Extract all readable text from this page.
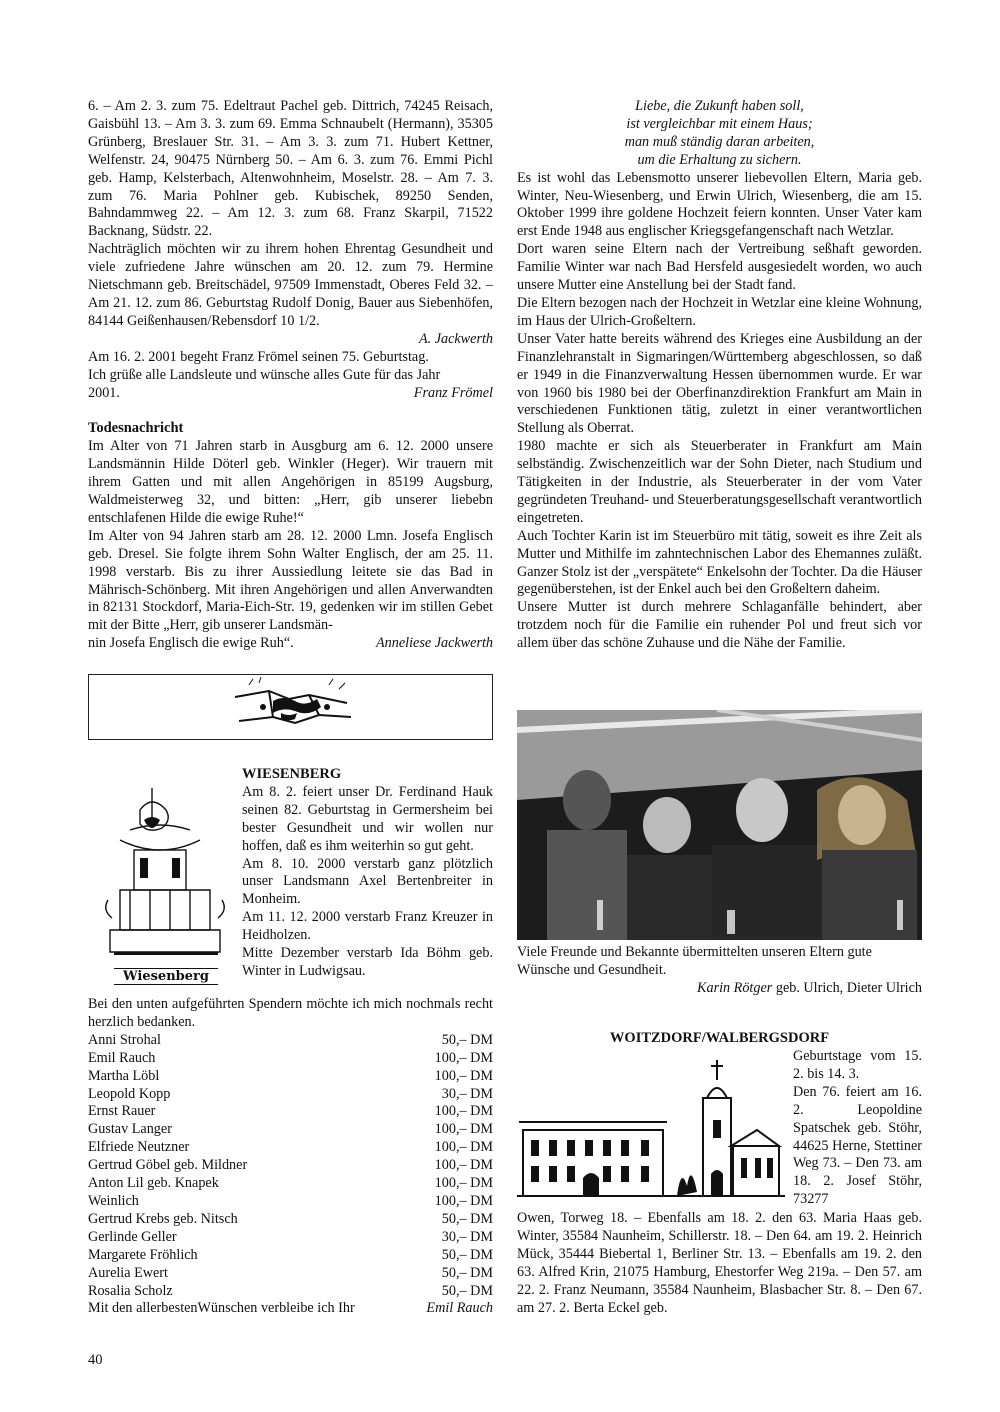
6. – Am 2. 3. zum 75. Edeltraut Pachel geb. Dittrich, 74245 Reisach, Gaisbühl 13. – Am 3. 3. zum 69. Emma Schnaubelt (Hermann), 35305 Grünberg, Breslauer Str. 31. – Am 3. 3. zum 71. Hubert Kettner, Welfenstr. 24, 90475 Nürnberg 50. – Am 6. 3. zum 76. Emmi Pichl geb. Hamp, Kelsterbach, Altenwohnheim, Moselstr. 28. – Am 7. 3. zum 76. Maria Pohlner geb. Kubischek, 89250 Senden, Bahndammweg 22. – Am 12. 3. zum 68. Franz Skarpil, 71522 Backnang, Südstr. 22.

Nachträglich möchten wir zu ihrem hohen Ehrentag Gesundheit und viele zufriedene Jahre wünschen am 20. 12. zum 79. Hermine Nietschmann geb. Breitschädel, 97509 Immenstadt, Oberes Feld 32. – Am 21. 12. zum 86. Geburtstag Rudolf Donig, Bauer aus Siebenhöfen, 84144 Geißenhausen/Rebensdorf 10 1/2.

A. Jackwerth

Am 16. 2. 2001 begeht Franz Frömel seinen 75. Geburtstag.

Ich grüße alle Landsleute und wünsche alles Gute für das Jahr

2001.	Franz Frömel
Todesnachricht

Im Alter von 71 Jahren starb in Ausgburg am 6. 12. 2000 unsere Landsmännin Hilde Döterl geb. Winkler (Heger). Wir trauern mit ihrem Gatten und mit allen Angehörigen in 85199 Augsburg, Waldmeisterweg 32, und bitten: „Herr, gib unserer liebebn entschlafenen Hilde die ewige Ruhe!“

Im Alter von 94 Jahren starb am 28. 12. 2000 Lmn. Josefa Englisch geb. Dresel. Sie folgte ihrem Sohn Walter Englisch, der am 25. 11. 1998 verstarb. Bis zu ihrer Aussiedlung leitete sie das Bad in Mährisch-Schönberg. Mit ihren Angehörigen und allen Anverwandten in 82131 Stockdorf, Maria-Eich-Str. 19, gedenken wir im stillen Gebet mit der Bitte „Herr, gib unserer Landsmän-

nin Josefa Englisch die ewige Ruh“.	Anneliese Jackwerth
Wiesenberg
WIESENBERG

Am 8. 2. feiert unser Dr. Ferdinand Hauk seinen 82. Geburtstag in Germersheim bei bester Gesundheit und wir wollen nur hoffen, daß es ihm weiterhin so gut geht.

Am 8. 10. 2000 verstarb ganz plötzlich unser Landsmann Axel Bertenbreiter in Monheim.

Am 11. 12. 2000 verstarb Franz Kreuzer in Heidholzen.

Mitte Dezember verstarb Ida Böhm geb. Winter in Ludwigsau.

Bei den unten aufgeführten Spendern möchte ich mich nochmals recht herzlich bedanken.

Anni Strohal	50,– DM
Emil Rauch	100,– DM
Martha Löbl	100,– DM
Leopold Kopp	30,– DM
Ernst Rauer	100,– DM
Gustav Langer	100,– DM
Elfriede Neutzner	100,– DM
Gertrud Göbel geb. Mildner	100,– DM
Anton Lil geb. Knapek	100,– DM
Weinlich	100,– DM
Gertrud Krebs geb. Nitsch	50,– DM
Gerlinde Geller	30,– DM
Margarete Fröhlich	50,– DM
Aurelia Ewert	50,– DM
Rosalia Scholz	50,– DM
Mit den allerbestenWünschen verbleibe ich Ihr	Emil Rauch
40
Liebe, die Zukunft haben soll,
ist vergleichbar mit einem Haus;
man muß ständig daran arbeiten,
um die Erhaltung zu sichern.

Es ist wohl das Lebensmotto unserer liebevollen Eltern, Maria geb. Winter, Neu-Wiesenberg, und Erwin Ulrich, Wiesenberg, die am 15. Oktober 1999 ihre goldene Hochzeit feiern konnten. Unser Vater kam erst Ende 1948 aus englischer Kriegsgefangenschaft nach Wetzlar.

Dort waren seine Eltern nach der Vertreibung seßhaft geworden. Familie Winter war nach Bad Hersfeld ausgesiedelt worden, wo auch unsere Mutter eine Anstellung bei der Stadt fand.

Die Eltern bezogen nach der Hochzeit in Wetzlar eine kleine Wohnung, im Haus der Ulrich-Großeltern.

Unser Vater hatte bereits während des Krieges eine Ausbildung an der Finanzlehranstalt in Sigmaringen/Württemberg abgeschlossen, so daß er 1949 in die Finanzverwaltung Hessen übernommen wurde. Er war von 1960 bis 1980 bei der Oberfinanzdirektion Frankfurt am Main in verschiedenen Funktionen tätig, zuletzt in einer verantwortlichen Stellung als Oberrat.

1980 machte er sich als Steuerberater in Frankfurt am Main selbständig. Zwischenzeitlich war der Sohn Dieter, nach Studium und Tätigkeiten in der Industrie, als Steuerberater in der vom Vater gegründeten Treuhand- und Steuerberatungsgesellschaft verantwortlich eingetreten.

Auch Tochter Karin ist im Steuerbüro mit tätig, soweit es ihre Zeit als Mutter und Mithilfe im zahntechnischen Labor des Ehemannes zuläßt. Ganzer Stolz ist der „verspätete“ Enkelsohn der Tochter. Da die Häuser gegenüberstehen, ist der Enkel auch bei den Großeltern daheim.

Unsere Mutter ist durch mehrere Schlaganfälle behindert, aber trotzdem noch für die Familie ein ruhender Pol und freut sich vor allem über das schöne Zuhause und die Nähe der Familie.

Viele Freunde und Bekannte übermittelten unseren Eltern gute Wünsche und Gesundheit.

Karin Rötger geb. Ulrich, Dieter Ulrich

WOITZDORF/WALBERGSDORF

Geburtstage vom 15. 2. bis 14. 3.

Den 76. feiert am 16. 2. Leopoldine Spatschek geb. Stöhr, 44625 Herne, Stettiner Weg 73. – Den 73. am 18. 2. Josef Stöhr, 73277

Owen, Torweg 18. – Ebenfalls am 18. 2. den 63. Maria Haas geb. Winter, 35584 Naunheim, Schillerstr. 18. – Den 64. am 19. 2. Heinrich Mück, 35444 Biebertal 1, Berliner Str. 13. – Ebenfalls am 19. 2. den 63. Alfred Krin, 21075 Hamburg, Ehestorfer Weg 219a. – Den 57. am 22. 2. Franz Neumann, 35584 Naunheim, Blasbacher Str. 8. – Den 67. am 27. 2. Berta Eckel geb.
